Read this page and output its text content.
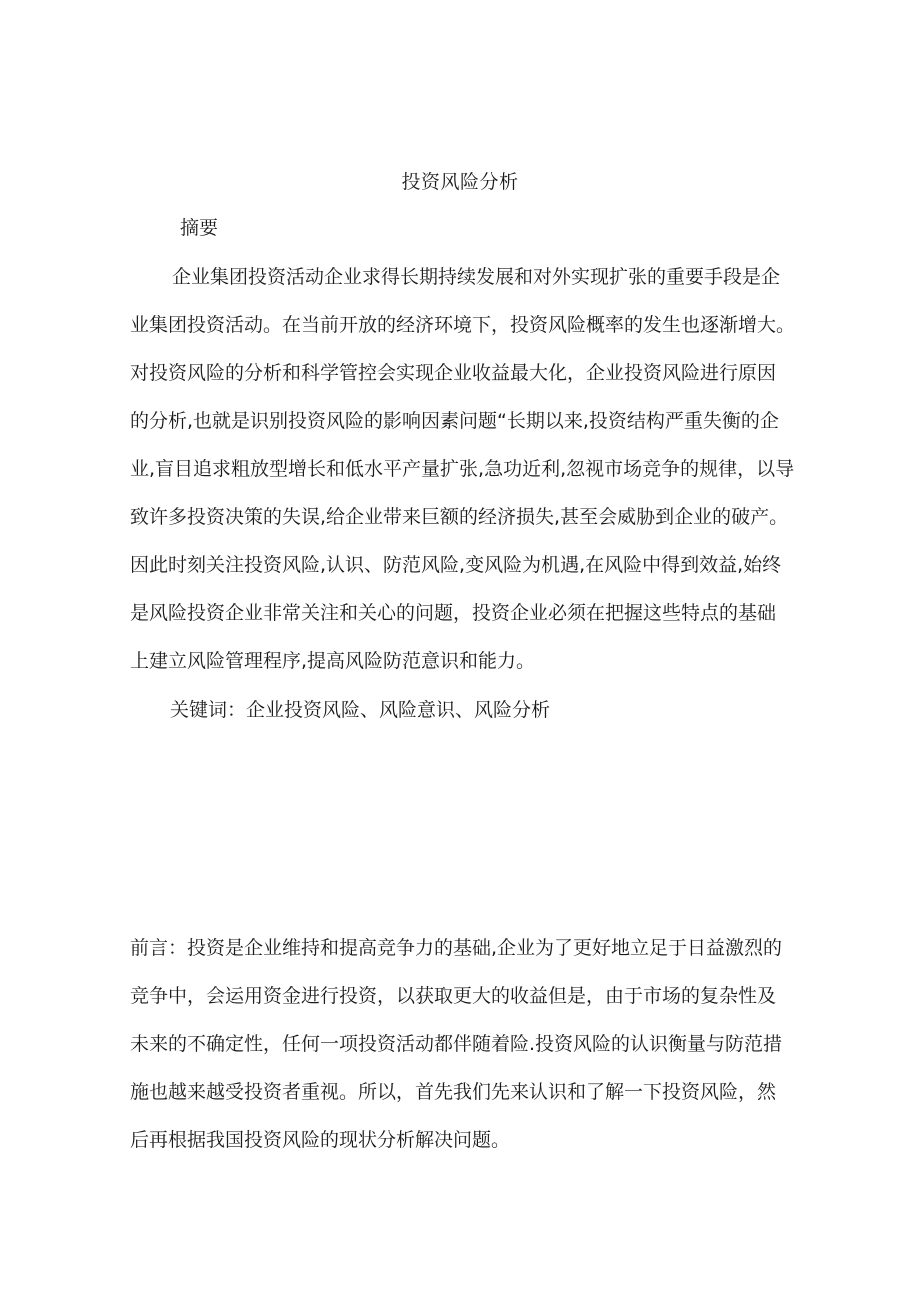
投资风险分析
摘要
企业集团投资活动企业求得长期持续发展和对外实现扩张的重要手段是企
业集团投资活动。在当前开放的经济环境下，投资风险概率的发生也逐渐增大。
对投资风险的分析和科学管控会实现企业收益最大化，企业投资风险进行原因
的分析,也就是识别投资风险的影响因素问题“长期以来,投资结构严重失衡的企
业,盲目追求粗放型增长和低水平产量扩张,急功近利,忽视市场竞争的规律，以导
致许多投资决策的失误,给企业带来巨额的经济损失,甚至会威胁到企业的破产。
因此时刻关注投资风险,认识、防范风险,变风险为机遇,在风险中得到效益,始终
是风险投资企业非常关注和关心的问题，投资企业必须在把握这些特点的基础
上建立风险管理程序,提高风险防范意识和能力。
关键词：企业投资风险、风险意识、风险分析
前言：投资是企业维持和提高竞争力的基础,企业为了更好地立足于日益激烈的
竞争中，会运用资金进行投资，以获取更大的收益但是，由于市场的复杂性及
未来的不确定性，任何一项投资活动都伴随着险.投资风险的认识衡量与防范措
施也越来越受投资者重视。所以，首先我们先来认识和了解一下投资风险，然
后再根据我国投资风险的现状分析解决问题。
